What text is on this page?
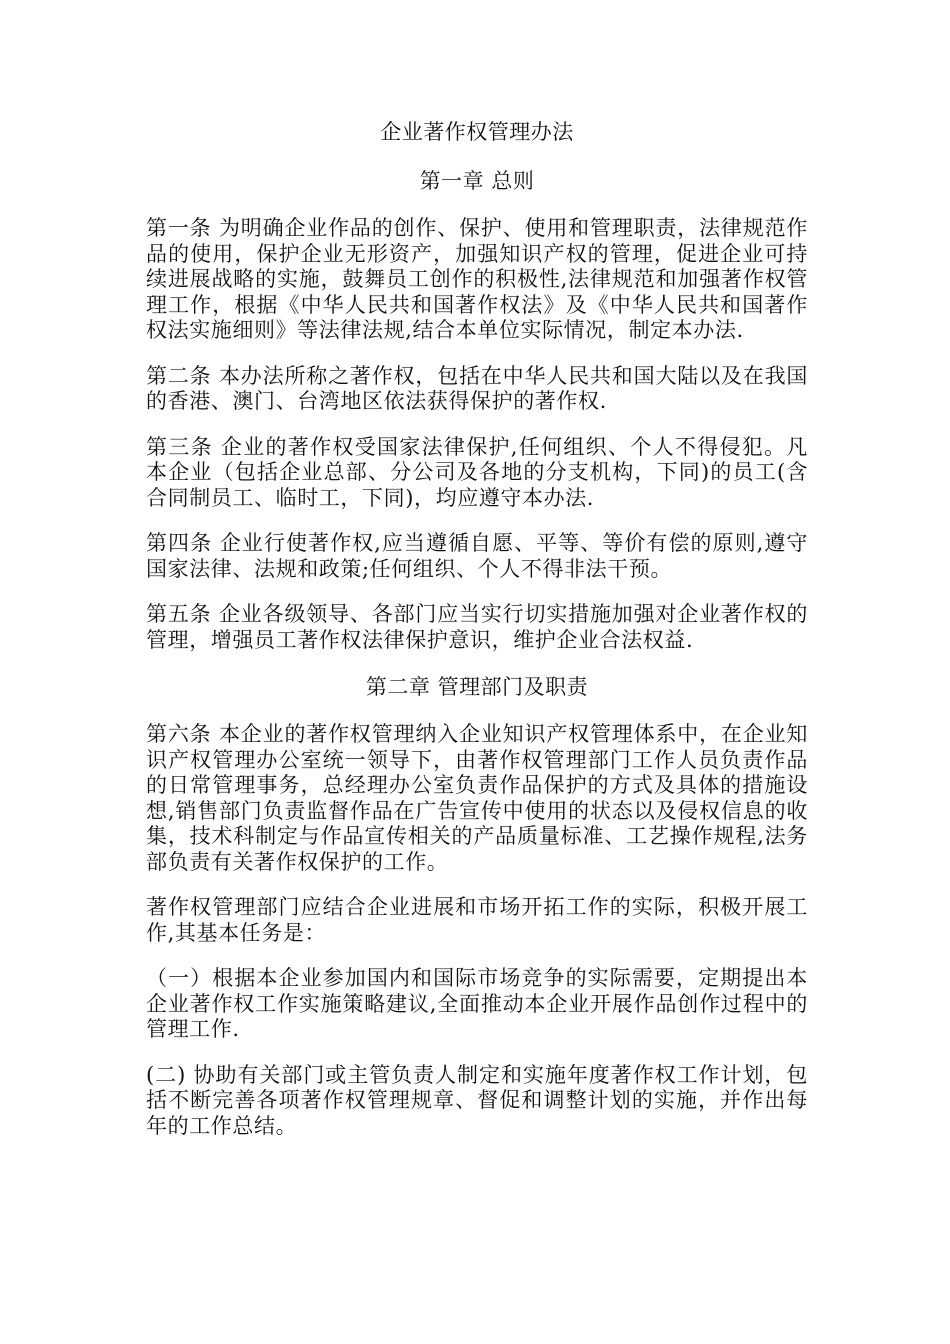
企业著作权管理办法
第一章 总则

第一条 为明确企业作品的创作、保护、使用和管理职责，法律规范作品的使用，保护企业无形资产，加强知识产权的管理，促进企业可持续进展战略的实施，鼓舞员工创作的积极性,法律规范和加强著作权管理工作，根据《中华人民共和国著作权法》及《中华人民共和国著作权法实施细则》等法律法规,结合本单位实际情况，制定本办法.

第二条 本办法所称之著作权，包括在中华人民共和国大陆以及在我国的香港、澳门、台湾地区依法获得保护的著作权.

第三条 企业的著作权受国家法律保护,任何组织、个人不得侵犯。凡本企业（包括企业总部、分公司及各地的分支机构，下同)的员工(含合同制员工、临时工，下同)，均应遵守本办法.

第四条 企业行使著作权,应当遵循自愿、平等、等价有偿的原则,遵守国家法律、法规和政策;任何组织、个人不得非法干预。

第五条 企业各级领导、各部门应当实行切实措施加强对企业著作权的管理，增强员工著作权法律保护意识，维护企业合法权益.

第二章 管理部门及职责

第六条 本企业的著作权管理纳入企业知识产权管理体系中，在企业知识产权管理办公室统一领导下，由著作权管理部门工作人员负责作品的日常管理事务，总经理办公室负责作品保护的方式及具体的措施设想,销售部门负责监督作品在广告宣传中使用的状态以及侵权信息的收集，技术科制定与作品宣传相关的产品质量标准、工艺操作规程,法务部负责有关著作权保护的工作。

著作权管理部门应结合企业进展和市场开拓工作的实际，积极开展工作,其基本任务是：

（一）根据本企业参加国内和国际市场竞争的实际需要，定期提出本企业著作权工作实施策略建议,全面推动本企业开展作品创作过程中的管理工作.

(二) 协助有关部门或主管负责人制定和实施年度著作权工作计划，包括不断完善各项著作权管理规章、督促和调整计划的实施，并作出每年的工作总结。
